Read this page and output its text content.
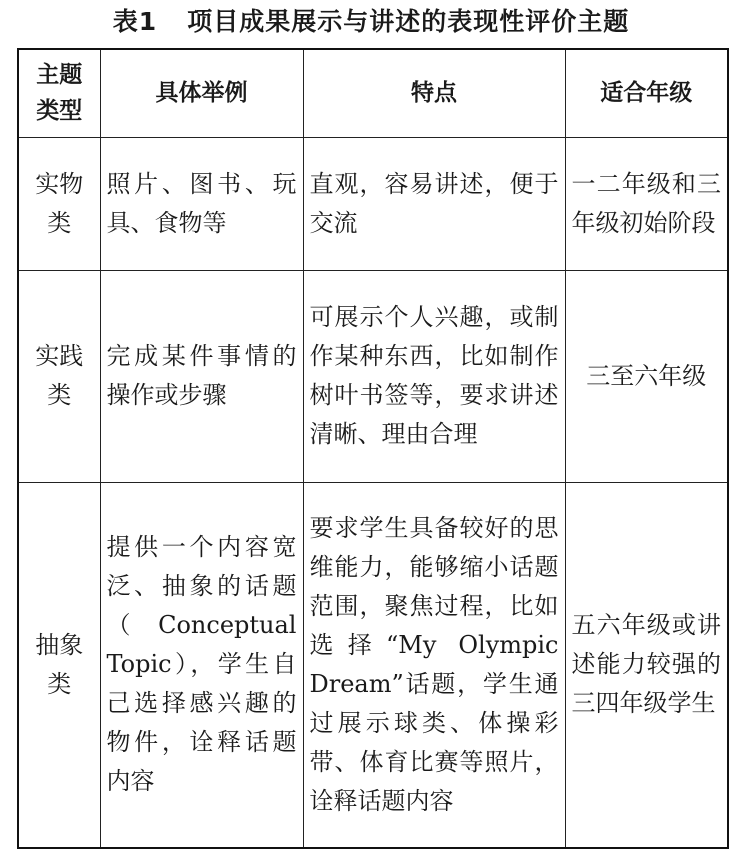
表1 项目成果展示与讲述的表现性评价主题
主题类型	具体举例	特点	适合年级
实物类	照片、图书、玩具、食物等	直观，容易讲述，便于交流	一二年级和三年级初始阶段
实践类	完成某件事情的操作或步骤	可展示个人兴趣，或制作某种东西，比如制作树叶书签等，要求讲述清晰、理由合理	三至六年级
抽象类	提供一个内容宽泛、抽象的话题（Conceptual Topic），学生自己选择感兴趣的物件，诠释话题内容	要求学生具备较好的思维能力，能够缩小话题范围，聚焦过程，比如选择“My Olympic Dream”话题，学生通过展示球类、体操彩带、体育比赛等照片，诠释话题内容	五六年级或讲述能力较强的三四年级学生
